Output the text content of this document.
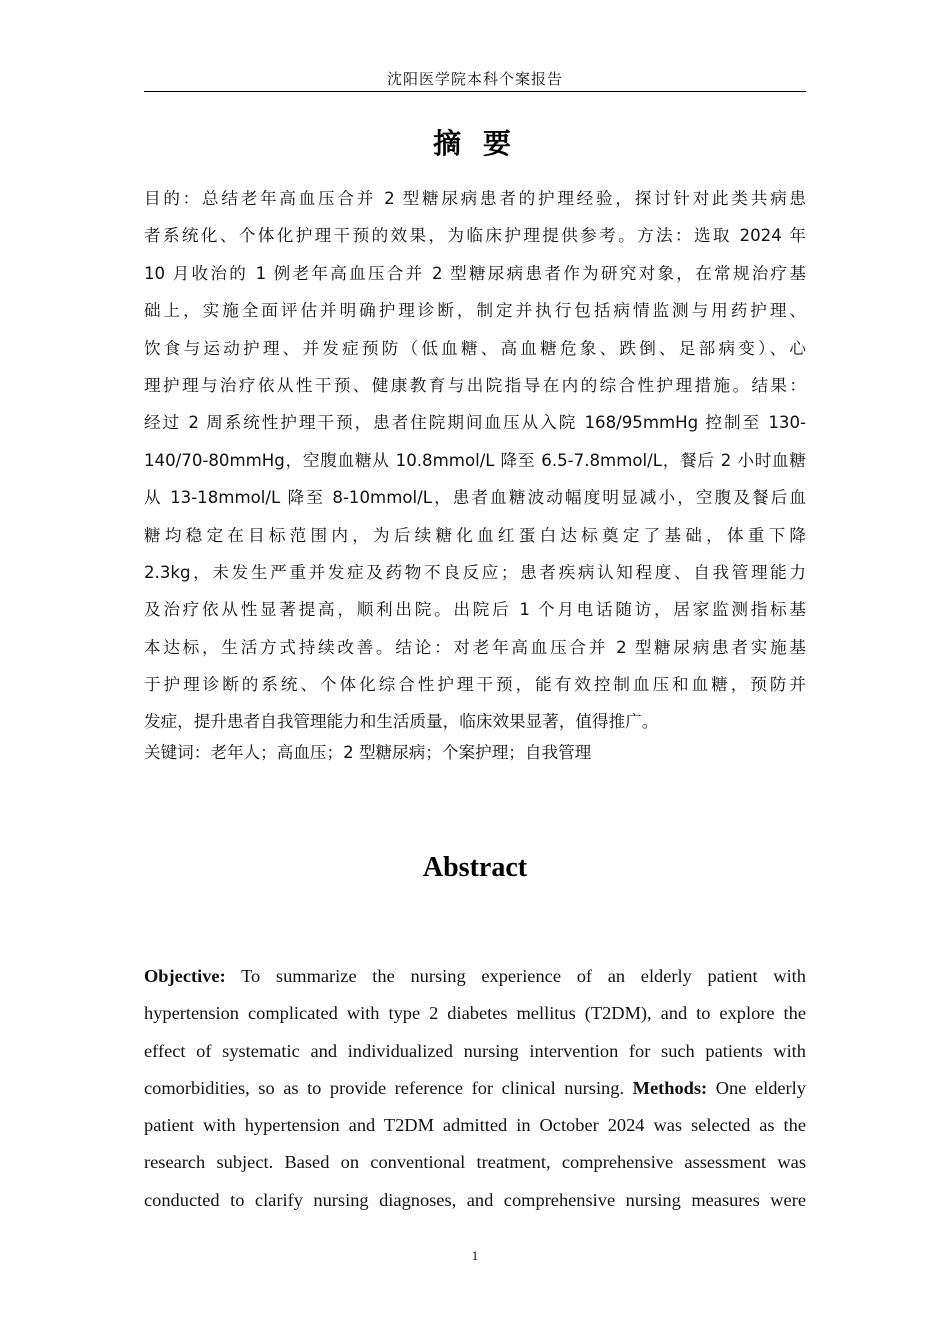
沈阳医学院本科个案报告
摘 要
目的：总结老年高血压合并 2 型糖尿病患者的护理经验，探讨针对此类共病患
者系统化、个体化护理干预的效果，为临床护理提供参考。方法：选取 2024 年
10 月收治的 1 例老年高血压合并 2 型糖尿病患者作为研究对象，在常规治疗基
础上，实施全面评估并明确护理诊断，制定并执行包括病情监测与用药护理、
饮食与运动护理、并发症预防（低血糖、高血糖危象、跌倒、足部病变）、心
理护理与治疗依从性干预、健康教育与出院指导在内的综合性护理措施。结果：
经过 2 周系统性护理干预，患者住院期间血压从入院 168/95mmHg 控制至 130-
140/70-80mmHg，空腹血糖从 10.8mmol/L 降至 6.5-7.8mmol/L，餐后 2 小时血糖
从 13-18mmol/L 降至 8-10mmol/L，患者血糖波动幅度明显减小，空腹及餐后血
糖均稳定在目标范围内，为后续糖化血红蛋白达标奠定了基础，体重下降
2.3kg，未发生严重并发症及药物不良反应；患者疾病认知程度、自我管理能力
及治疗依从性显著提高，顺利出院。出院后 1 个月电话随访，居家监测指标基
本达标，生活方式持续改善。结论：对老年高血压合并 2 型糖尿病患者实施基
于护理诊断的系统、个体化综合性护理干预，能有效控制血压和血糖，预防并
发症，提升患者自我管理能力和生活质量，临床效果显著，值得推广。
关键词：老年人；高血压；2 型糖尿病；个案护理；自我管理
Abstract
Objective: To summarize the nursing experience of an elderly patient with
hypertension complicated with type 2 diabetes mellitus (T2DM), and to explore the
effect of systematic and individualized nursing intervention for such patients with
comorbidities, so as to provide reference for clinical nursing. Methods: One elderly
patient with hypertension and T2DM admitted in October 2024 was selected as the
research subject. Based on conventional treatment, comprehensive assessment was
conducted to clarify nursing diagnoses, and comprehensive nursing measures were
1
